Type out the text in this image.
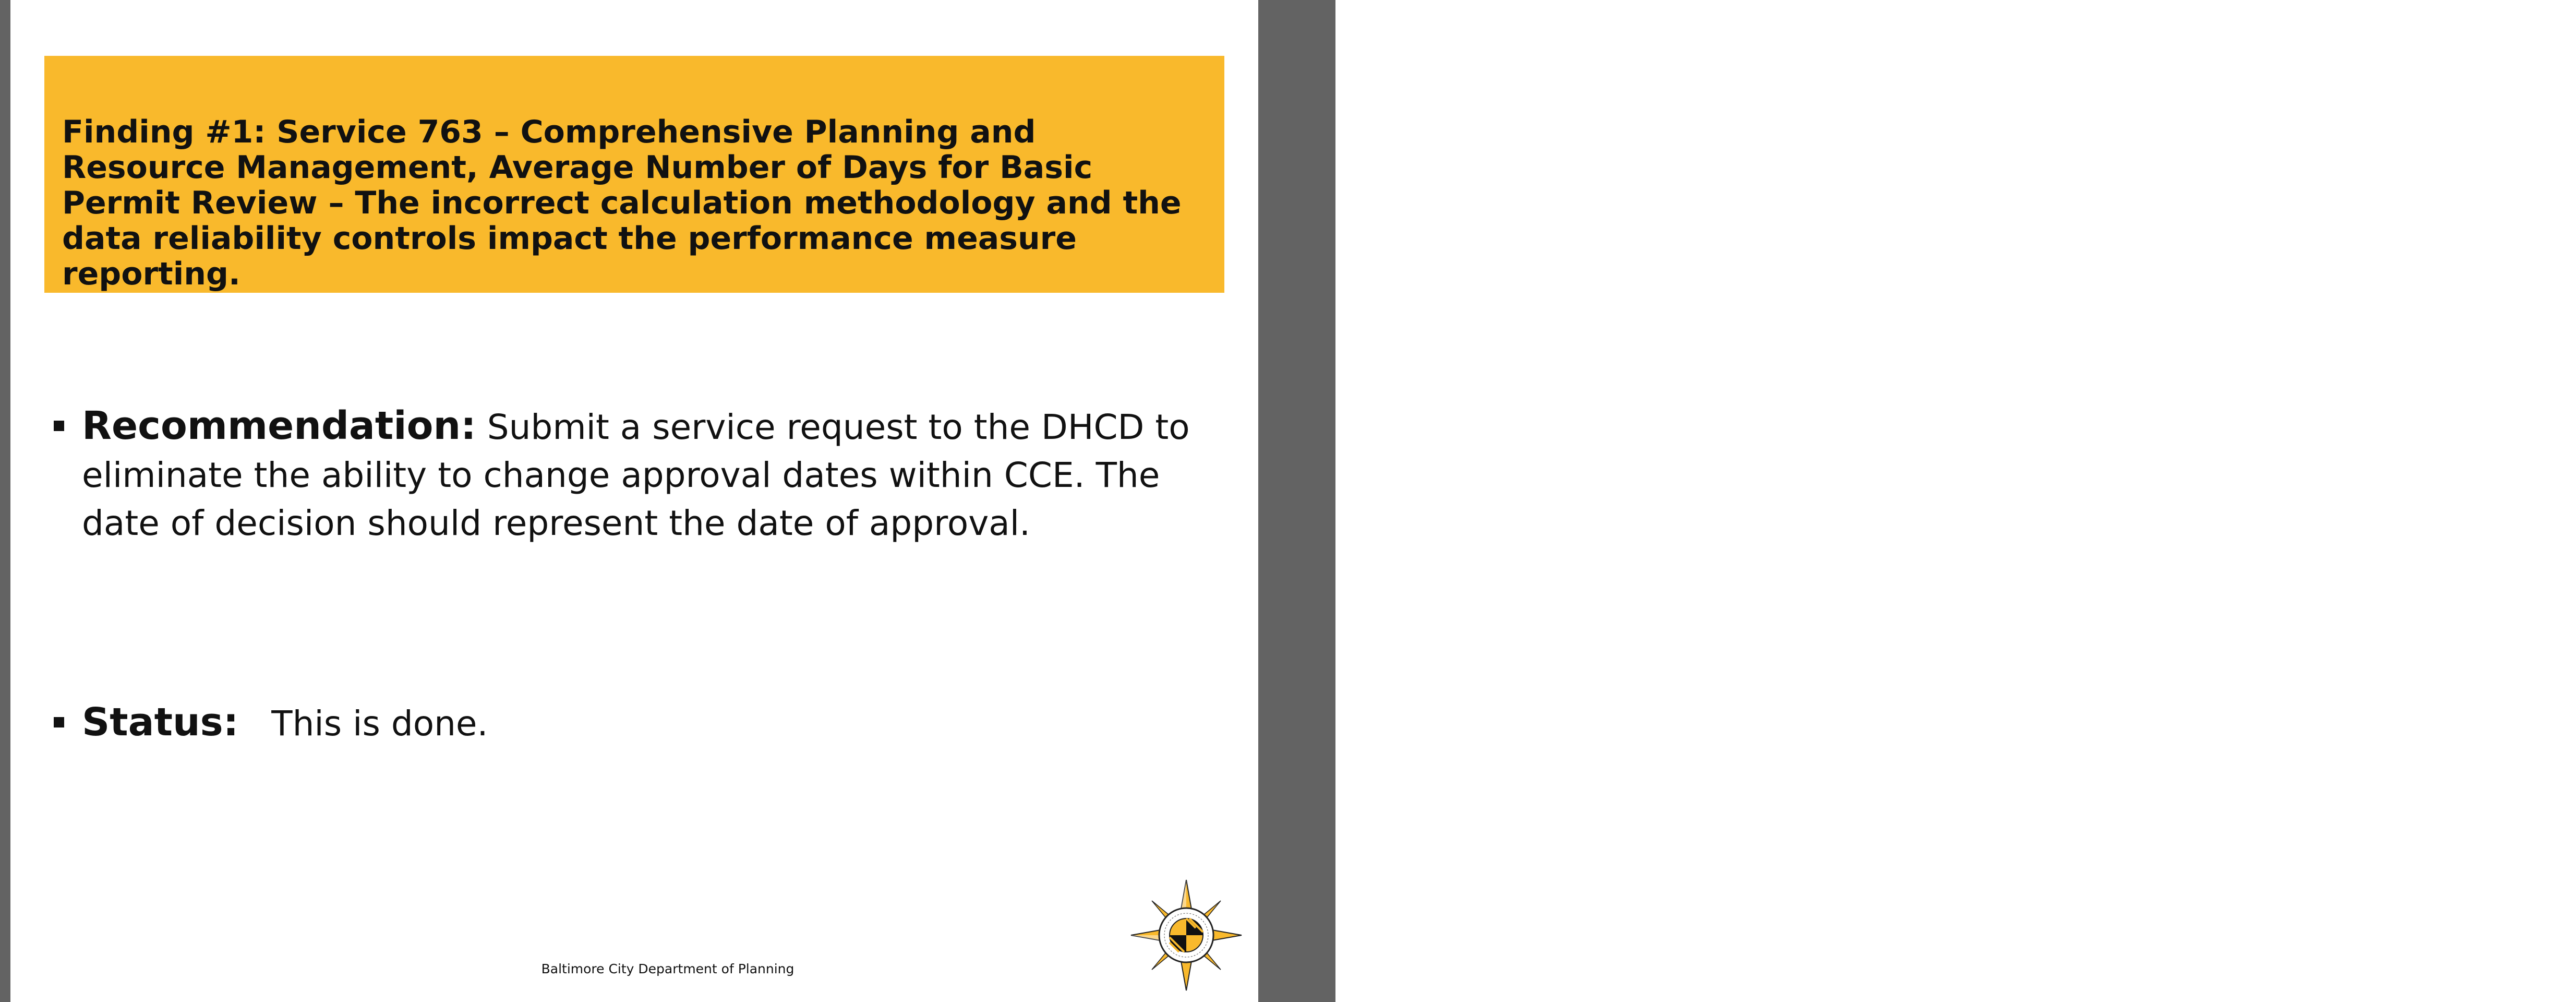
Department of Planning – audit status update
8

Finding #1: Service 763 – Comprehensive Planning and Resource Management, Average Number of Days for Basic Permit Review – The incorrect calculation methodology and the data reliability controls impact the performance measure reporting.

Recommendation: Submit a service request to the DHCD to eliminate the ability to change approval dates within CCE. The date of decision should represent the date of approval.
Status: This is done.
Baltimore City Department of Planning
